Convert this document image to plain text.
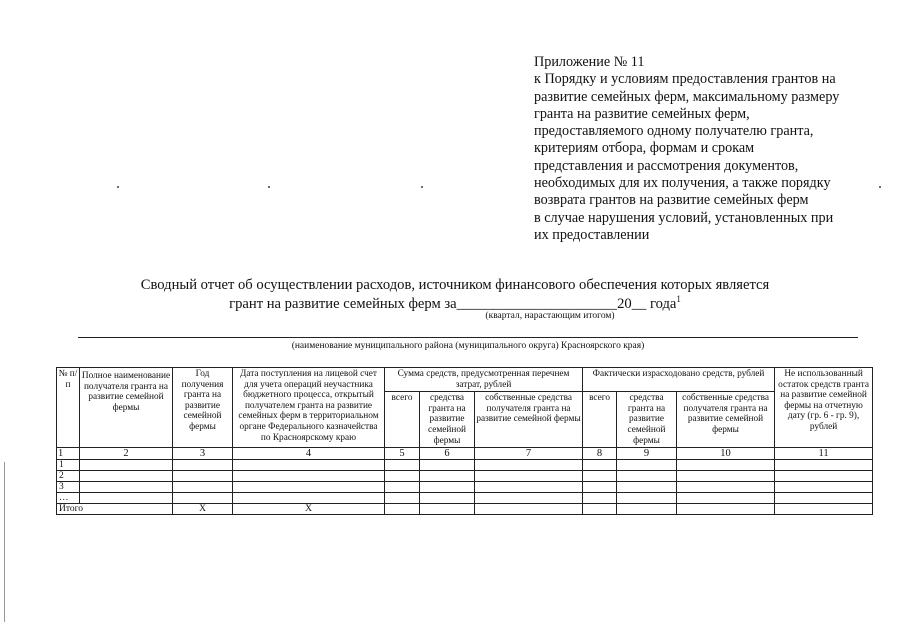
Приложение № 11
к Порядку и условиям предоставления грантов на
развитие семейных ферм, максимальному размеру
гранта на развитие семейных ферм,
предоставляемого одному получателю гранта,
критериям отбора, формам и срокам
представления и рассмотрения документов,
необходимых для их получения, а также порядку
возврата грантов на развитие семейных ферм
в случае нарушения условий, установленных при
их предоставлении
Сводный отчет об осуществлении расходов, источником финансового обеспечения которых является
грант на развитие семейных ферм за______________________20__ года$^1$
(квартал, нарастающим итогом)
(наименование муниципального района (муниципального округа) Красноярского края)
№ п/п	Полное наименование получателя гранта на развитие семейной фермы	Год получения гранта на развитие семейной фермы	Дата поступления на лицевой счет для учета операций неучастника бюджетного процесса, открытый получателем гранта на развитие семейных ферм в территориальном органе Федерального казначейства по Красноярскому краю	Сумма средств, предусмотренная перечнем затрат, рублей			Фактически израсходовано средств, рублей			Не использованный остаток средств гранта на развитие семейной фермы на отчетную дату (гр. 6 - гр. 9), рублей
				всего	средства гранта на развитие семейной фермы	собственные средства получателя гранта на развитие семейной фермы	всего	средства гранта на развитие семейной фермы	собственные средства получателя гранта на развитие семейной фермы	
1	2	3	4	5	6	7	8	9	10	11
1										
2										
3										
…										
Итого		X	X							
